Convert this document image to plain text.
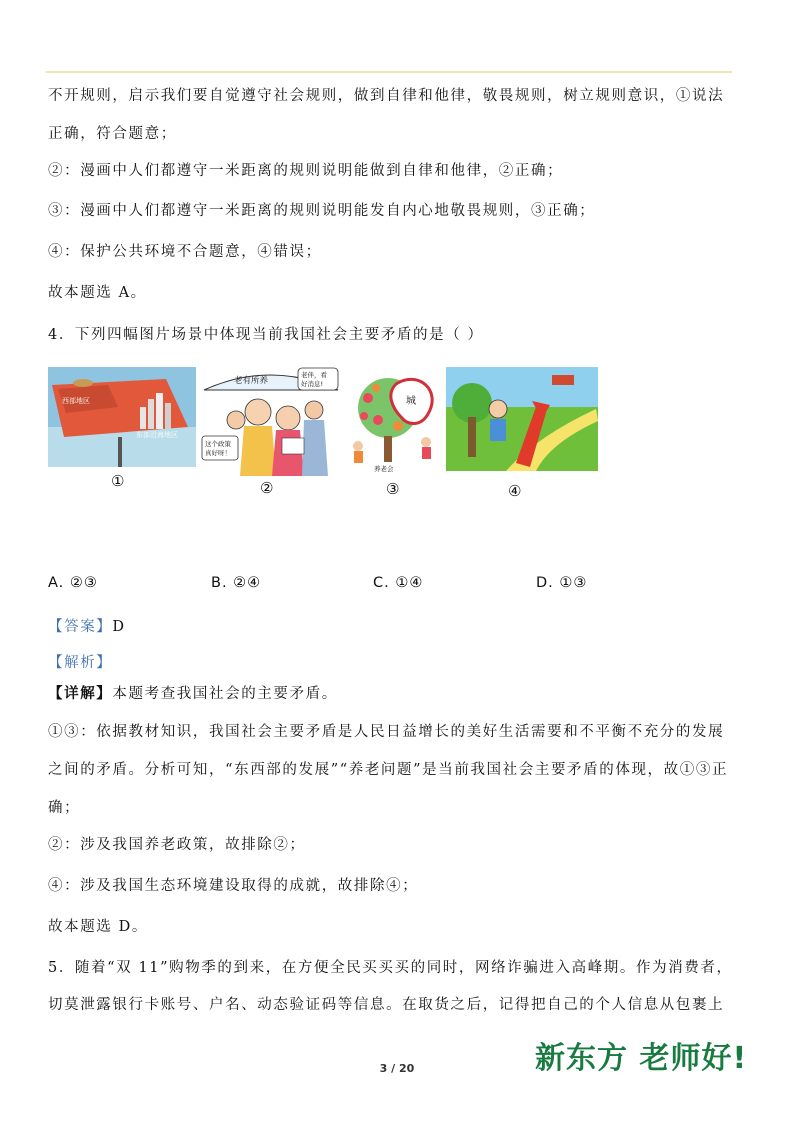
不开规则，启示我们要自觉遵守社会规则，做到自律和他律，敬畏规则，树立规则意识，①说法
正确，符合题意；
②：漫画中人们都遵守一米距离的规则说明能做到自律和他律，②正确；
③：漫画中人们都遵守一米距离的规则说明能发自内心地敬畏规则，③正确；
④：保护公共环境不合题意，④错误；
故本题选 A。
4．下列四幅图片场景中体现当前我国社会主要矛盾的是（ ）
西部地区
东部沿海地区
①
老有所养
老伴，看
好消息!
这个政策
真好呀！
②
城
养老会
③	④
A. ②③	B. ②④	C. ①④	D. ①③
【答案】D
【解析】
【详解】本题考查我国社会的主要矛盾。
①③：依据教材知识，我国社会主要矛盾是人民日益增长的美好生活需要和不平衡不充分的发展
之间的矛盾。分析可知，“东西部的发展”“养老问题”是当前我国社会主要矛盾的体现，故①③正
确；
②：涉及我国养老政策，故排除②；
④：涉及我国生态环境建设取得的成就，故排除④；
故本题选 D。
5．随着“双 11”购物季的到来，在方便全民买买买的同时，网络诈骗进入高峰期。作为消费者，
切莫泄露银行卡账号、户名、动态验证码等信息。在取货之后，记得把自己的个人信息从包裹上
新东方 老师好!
3 / 20
